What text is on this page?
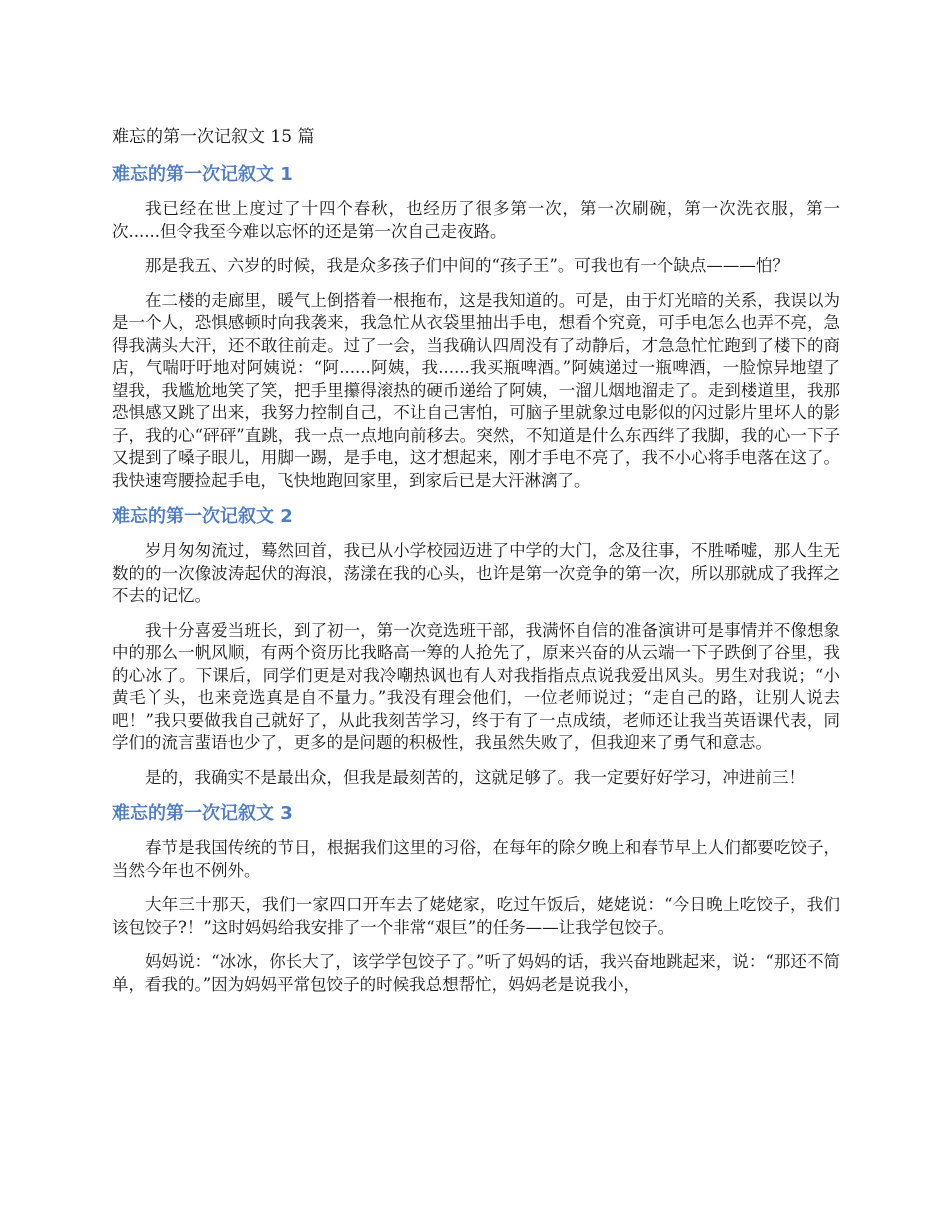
难忘的第一次记叙文 15 篇
难忘的第一次记叙文 1

我已经在世上度过了十四个春秋，也经历了很多第一次，第一次刷碗，第一次洗衣服，第一次......但令我至今难以忘怀的还是第一次自己走夜路。

那是我五、六岁的时候，我是众多孩子们中间的“孩子王”。可我也有一个缺点———怕？

在二楼的走廊里，暖气上倒搭着一根拖布，这是我知道的。可是，由于灯光暗的关系，我误以为是一个人，恐惧感顿时向我袭来，我急忙从衣袋里抽出手电，想看个究竟，可手电怎么也弄不亮，急得我满头大汗，还不敢往前走。过了一会，当我确认四周没有了动静后，才急急忙忙跑到了楼下的商店，气喘吁吁地对阿姨说：“阿......阿姨，我......我买瓶啤酒。”阿姨递过一瓶啤酒，一脸惊异地望了望我，我尴尬地笑了笑，把手里攥得滚热的硬币递给了阿姨，一溜儿烟地溜走了。走到楼道里，我那恐惧感又跳了出来，我努力控制自己，不让自己害怕，可脑子里就象过电影似的闪过影片里坏人的影子，我的心“砰砰”直跳，我一点一点地向前移去。突然，不知道是什么东西绊了我脚，我的心一下子又提到了嗓子眼儿，用脚一踢，是手电，这才想起来，刚才手电不亮了，我不小心将手电落在这了。我快速弯腰捡起手电，飞快地跑回家里，到家后已是大汗淋漓了。

难忘的第一次记叙文 2

岁月匆匆流过，蓦然回首，我已从小学校园迈进了中学的大门，念及往事，不胜唏嘘，那人生无数的的一次像波涛起伏的海浪，荡漾在我的心头，也许是第一次竞争的第一次，所以那就成了我挥之不去的记忆。

我十分喜爱当班长，到了初一，第一次竞选班干部，我满怀自信的准备演讲可是事情并不像想象中的那么一帆风顺，有两个资历比我略高一筹的人抢先了，原来兴奋的从云端一下子跌倒了谷里，我的心冰了。下课后，同学们更是对我冷嘲热讽也有人对我指指点点说我爱出风头。男生对我说；“小黄毛丫头，也来竞选真是自不量力。”我没有理会他们，一位老师说过；“走自己的路，让别人说去吧！”我只要做我自己就好了，从此我刻苦学习，终于有了一点成绩，老师还让我当英语课代表，同学们的流言蜚语也少了，更多的是问题的积极性，我虽然失败了，但我迎来了勇气和意志。

是的，我确实不是最出众，但我是最刻苦的，这就足够了。我一定要好好学习，冲进前三！

难忘的第一次记叙文 3

春节是我国传统的节日，根据我们这里的习俗，在每年的除夕晚上和春节早上人们都要吃饺子，当然今年也不例外。

大年三十那天，我们一家四口开车去了姥姥家，吃过午饭后，姥姥说：“今日晚上吃饺子，我们该包饺子?！”这时妈妈给我安排了一个非常“艰巨”的任务——让我学包饺子。

妈妈说：“冰冰，你长大了，该学学包饺子了。”听了妈妈的话，我兴奋地跳起来，说：“那还不简单，看我的。”因为妈妈平常包饺子的时候我总想帮忙，妈妈老是说我小，
